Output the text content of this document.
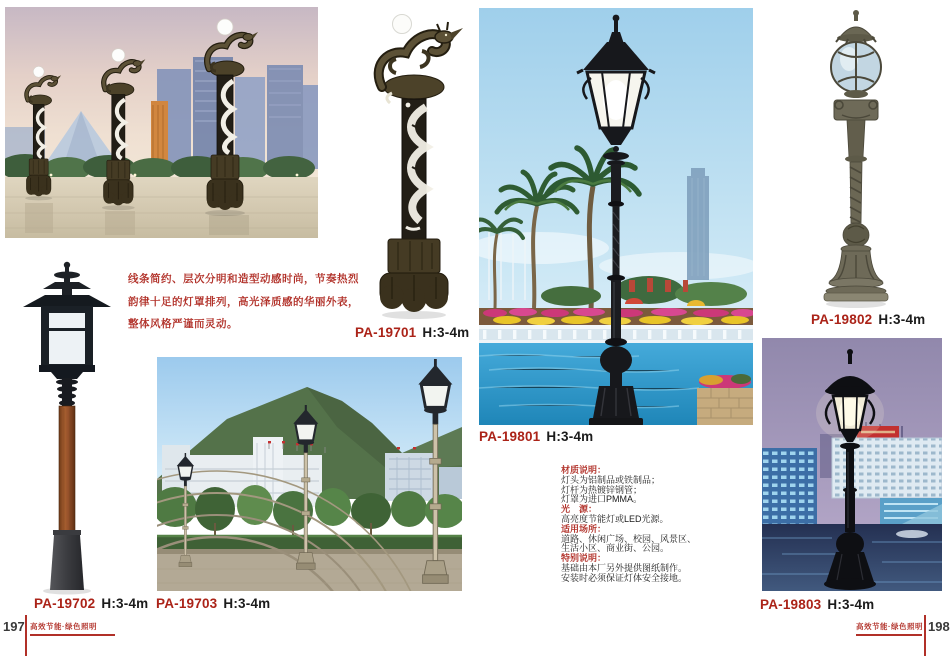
线条简约、层次分明和造型动感时尚，节奏热烈
韵律十足的灯罩排列，高光泽质感的华丽外表，
整体风格严谨而灵动。
PA-19701 H:3-4m
PA-19702 H:3-4m PA-19703 H:3-4m
197 高效节能·绿色照明
材质说明：
灯头为铝制品或铁制品；
灯杆为热镀锌钢管；
灯罩为进口PMMA。
光　源：
高亮度节能灯或LED光源。
适用场所：
道路、休闲广场、校园、风景区、
生活小区、商业街、公园。
特别说明：
基础由本厂另外提供图纸制作。
安装时必须保证灯体安全接地。
PA-19801 H:3-4m
PA-19802 H:3-4m
PA-19803 H:3-4m
高效节能·绿色照明 198
